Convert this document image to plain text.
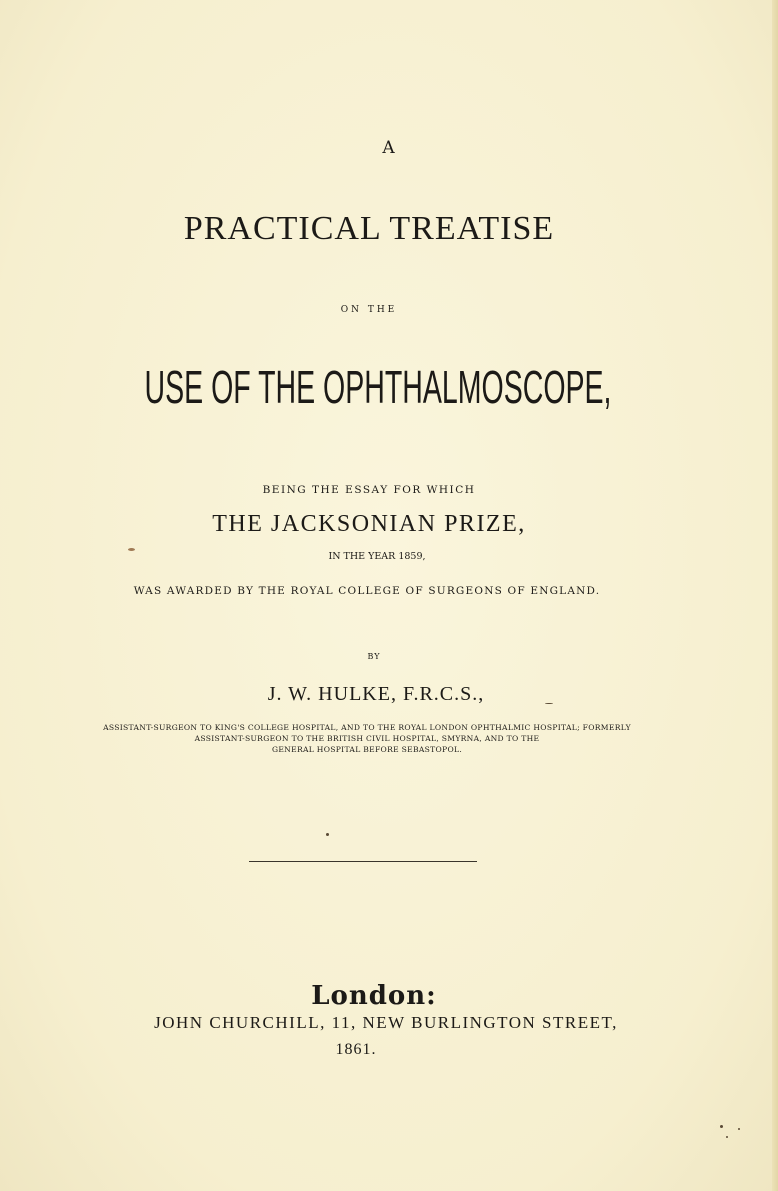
A
PRACTICAL TREATISE
ON THE
USE OF THE OPHTHALMOSCOPE,
BEING THE ESSAY FOR WHICH
THE JACKSONIAN PRIZE,
IN THE YEAR 1859,
WAS AWARDED BY THE ROYAL COLLEGE OF SURGEONS OF ENGLAND.
BY
J. W. HULKE, F.R.C.S.,
ASSISTANT-SURGEON TO KING'S COLLEGE HOSPITAL, AND TO THE ROYAL LONDON OPHTHALMIC HOSPITAL; FORMERLY
ASSISTANT-SURGEON TO THE BRITISH CIVIL HOSPITAL, SMYRNA, AND TO THE
GENERAL HOSPITAL BEFORE SEBASTOPOL.
London:
JOHN CHURCHILL, 11, NEW BURLINGTON STREET,
1861.
